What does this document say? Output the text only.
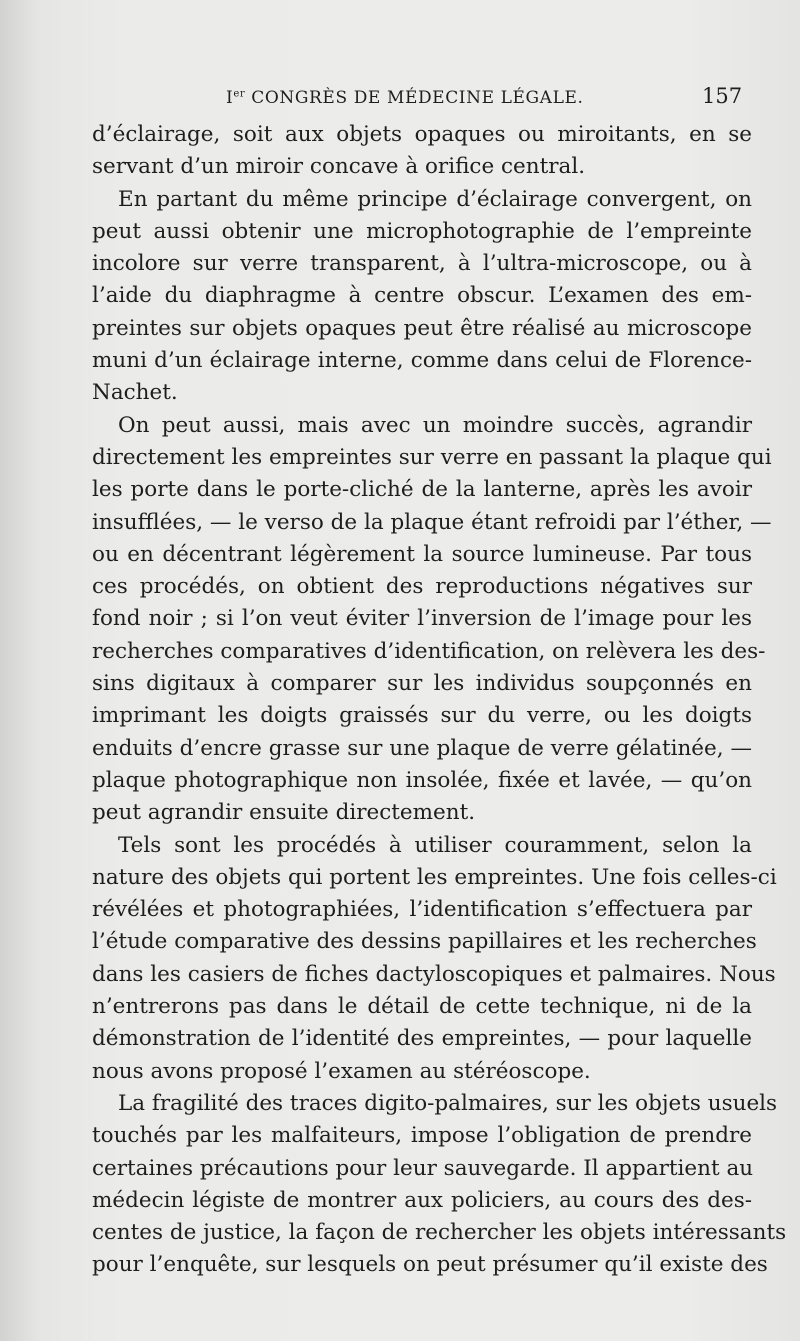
Ier CONGRÈS DE MÉDECINE LÉGALE.	157
d’éclairage, soit aux objets opaques ou miroitants, en se
servant d’un miroir concave à orifice central.
En partant du même principe d’éclairage convergent, on
peut aussi obtenir une microphotographie de l’empreinte
incolore sur verre transparent, à l’ultra-microscope, ou à
l’aide du diaphragme à centre obscur. L’examen des em-
preintes sur objets opaques peut être réalisé au microscope
muni d’un éclairage interne, comme dans celui de Florence-
Nachet.
On peut aussi, mais avec un moindre succès, agrandir
directement les empreintes sur verre en passant la plaque qui
les porte dans le porte-cliché de la lanterne, après les avoir
insufflées, — le verso de la plaque étant refroidi par l’éther, —
ou en décentrant légèrement la source lumineuse. Par tous
ces procédés, on obtient des reproductions négatives sur
fond noir ; si l’on veut éviter l’inversion de l’image pour les
recherches comparatives d’identification, on relèvera les des-
sins digitaux à comparer sur les individus soupçonnés en
imprimant les doigts graissés sur du verre, ou les doigts
enduits d’encre grasse sur une plaque de verre gélatinée, —
plaque photographique non insolée, fixée et lavée, — qu’on
peut agrandir ensuite directement.
Tels sont les procédés à utiliser couramment, selon la
nature des objets qui portent les empreintes. Une fois celles-ci
révélées et photographiées, l’identification s’effectuera par
l’étude comparative des dessins papillaires et les recherches
dans les casiers de fiches dactyloscopiques et palmaires. Nous
n’entrerons pas dans le détail de cette technique, ni de la
démonstration de l’identité des empreintes, — pour laquelle
nous avons proposé l’examen au stéréoscope.
La fragilité des traces digito-palmaires, sur les objets usuels
touchés par les malfaiteurs, impose l’obligation de prendre
certaines précautions pour leur sauvegarde. Il appartient au
médecin légiste de montrer aux policiers, au cours des des-
centes de justice, la façon de rechercher les objets intéressants
pour l’enquête, sur lesquels on peut présumer qu’il existe des
